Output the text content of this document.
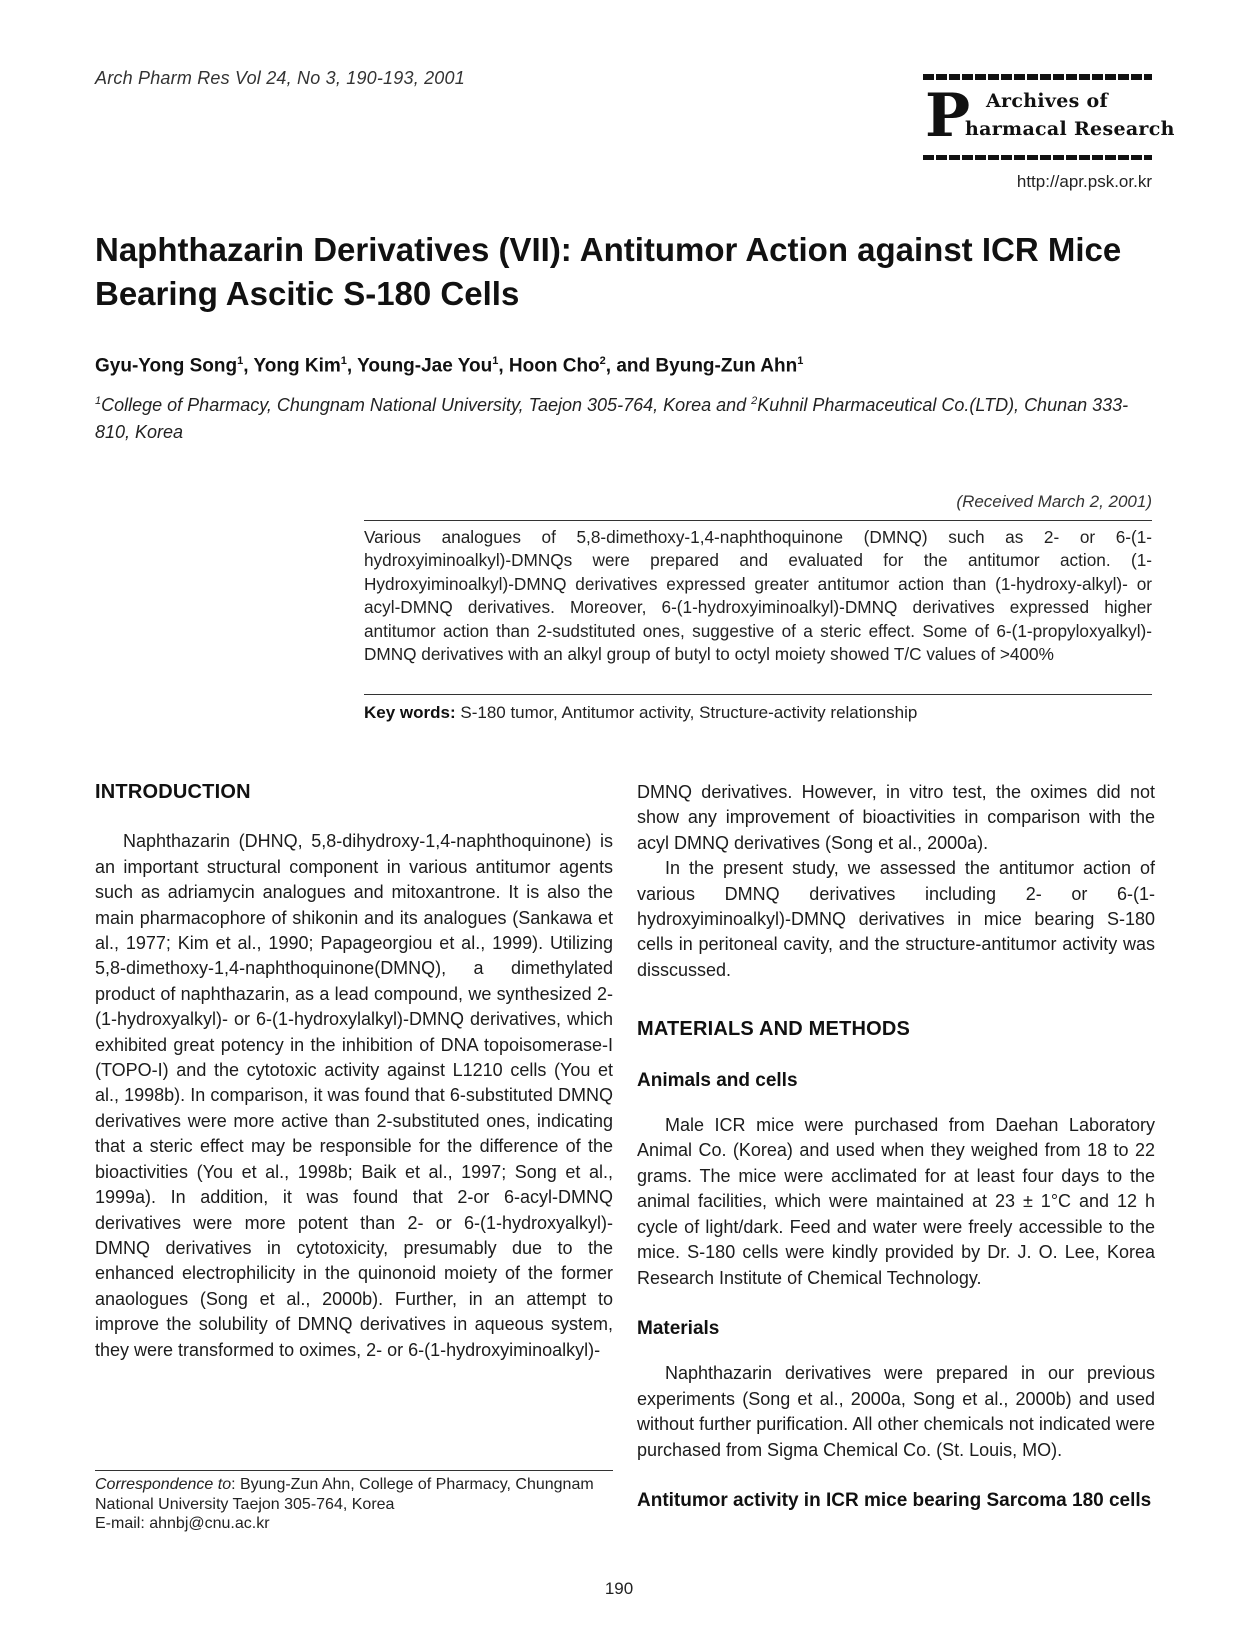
Arch Pharm Res Vol 24, No 3, 190-193, 2001
P Archives of
harmacal Research
http://apr.psk.or.kr
Naphthazarin Derivatives (VII): Antitumor Action against ICR Mice Bearing Ascitic S-180 Cells
Gyu-Yong Song$^1$, Yong Kim$^1$, Young-Jae You$^1$, Hoon Cho$^2$, and Byung-Zun Ahn$^1$
$^1$College of Pharmacy, Chungnam National University, Taejon 305-764, Korea and $^2$Kuhnil Pharmaceutical Co.(LTD), Chunan 333-810, Korea
(Received March 2, 2001)

Various analogues of 5,8-dimethoxy-1,4-naphthoquinone (DMNQ) such as 2- or 6-(1-hydroxyiminoalkyl)-DMNQs were prepared and evaluated for the antitumor action. (1-Hydroxyiminoalkyl)-DMNQ derivatives expressed greater antitumor action than (1-hydroxy-alkyl)- or acyl-DMNQ derivatives. Moreover, 6-(1-hydroxyiminoalkyl)-DMNQ derivatives expressed higher antitumor action than 2-sudstituted ones, suggestive of a steric effect. Some of 6-(1-propyloxyalkyl)-DMNQ derivatives with an alkyl group of butyl to octyl moiety showed T/C values of >400%

Key words: S-180 tumor, Antitumor activity, Structure-activity relationship
INTRODUCTION

Naphthazarin (DHNQ, 5,8-dihydroxy-1,4-naphthoquinone) is an important structural component in various antitumor agents such as adriamycin analogues and mitoxantrone. It is also the main pharmacophore of shikonin and its analogues (Sankawa et al., 1977; Kim et al., 1990; Papageorgiou et al., 1999). Utilizing 5,8-dimethoxy-1,4-naphthoquinone(DMNQ), a dimethylated product of naphthazarin, as a lead compound, we synthesized 2-(1-hydroxyalkyl)- or 6-(1-hydroxylalkyl)-DMNQ derivatives, which exhibited great potency in the inhibition of DNA topoisomerase-I (TOPO-I) and the cytotoxic activity against L1210 cells (You et al., 1998b). In comparison, it was found that 6-substituted DMNQ derivatives were more active than 2-substituted ones, indicating that a steric effect may be responsible for the difference of the bioactivities (You et al., 1998b; Baik et al., 1997; Song et al., 1999a). In addition, it was found that 2-or 6-acyl-DMNQ derivatives were more potent than 2- or 6-(1-hydroxyalkyl)-DMNQ derivatives in cytotoxicity, presumably due to the enhanced electrophilicity in the quinonoid moiety of the former anaologues (Song et al., 2000b). Further, in an attempt to improve the solubility of DMNQ derivatives in aqueous system, they were transformed to oximes, 2- or 6-(1-hydroxyiminoalkyl)-

DMNQ derivatives. However, in vitro test, the oximes did not show any improvement of bioactivities in comparison with the acyl DMNQ derivatives (Song et al., 2000a).

In the present study, we assessed the antitumor action of various DMNQ derivatives including 2- or 6-(1-hydroxyiminoalkyl)-DMNQ derivatives in mice bearing S-180 cells in peritoneal cavity, and the structure-antitumor activity was disscussed.

MATERIALS AND METHODS
Animals and cells

Male ICR mice were purchased from Daehan Laboratory Animal Co. (Korea) and used when they weighed from 18 to 22 grams. The mice were acclimated for at least four days to the animal facilities, which were maintained at 23 ± 1°C and 12 h cycle of light/dark. Feed and water were freely accessible to the mice. S-180 cells were kindly provided by Dr. J. O. Lee, Korea Research Institute of Chemical Technology.

Materials

Naphthazarin derivatives were prepared in our previous experiments (Song et al., 2000a, Song et al., 2000b) and used without further purification. All other chemicals not indicated were purchased from Sigma Chemical Co. (St. Louis, MO).

Antitumor activity in ICR mice bearing Sarcoma 180 cells
Correspondence to: Byung-Zun Ahn, College of Pharmacy, Chungnam National University Taejon 305-764, Korea
E-mail: ahnbj@cnu.ac.kr
190
